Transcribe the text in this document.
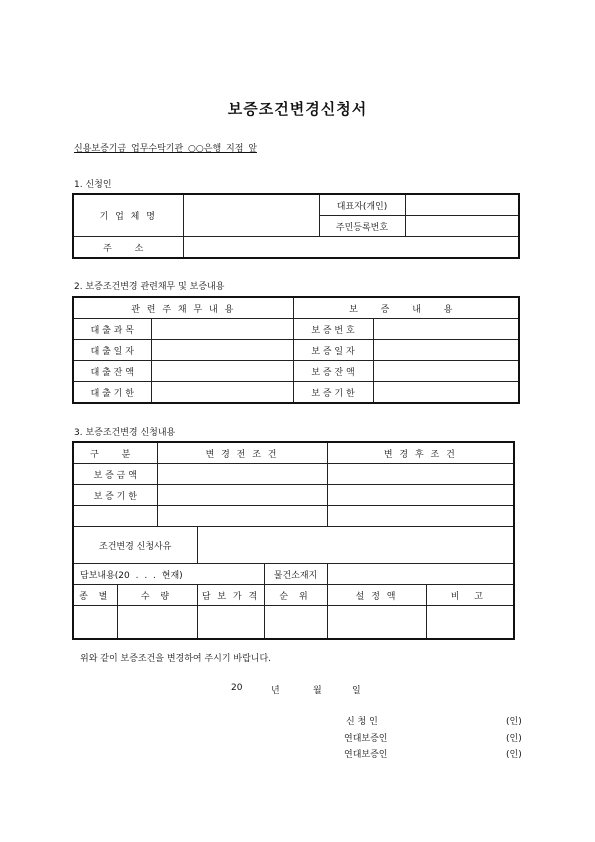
보증조건변경신청서
신용보증기금 업무수탁기관 ○○은행 지점 앞
1. 신청인
기 업 체 명		대표자(개인)	
		주민등록번호	
주 소			
2. 보증조건변경 관련채무 및 보증내용
관 련 주 채 무 내 용		보 증 내 용	
대 출 과 목		보 증 번 호	
대 출 일 자		보 증 일 자	
대 출 잔 액		보 증 잔 액	
대 출 기 한		보 증 기 한	
3. 보증조건변경 신청내용
구 분		변 경 전 조 건			변 경 후 조 건	
보 증 금 액						
보 증 기 한						

조건변경 신청사유						
담보내용(20 . . . 현재)				물건소재지		
종 별	수 량		담 보 가 격	순 위	설 정 액	비 고

위와 같이 보증조건을 변경하여 주시기 바랍니다.
20	년	월	일
신 청 인	(인)
연대보증인	(인)
연대보증인	(인)
